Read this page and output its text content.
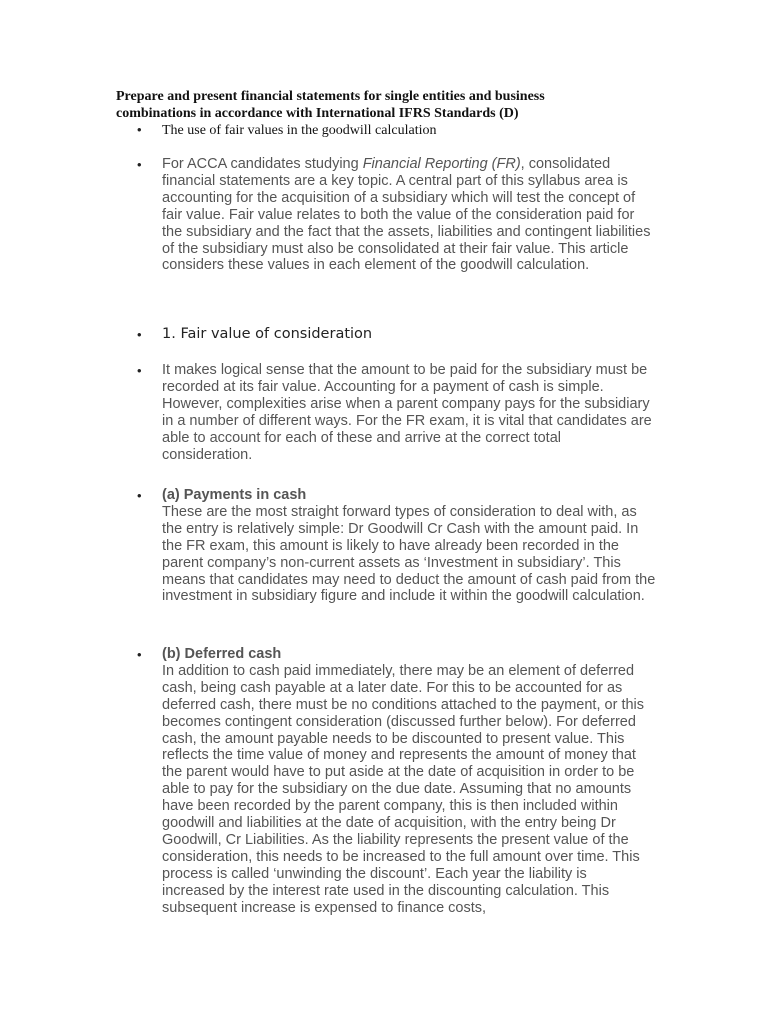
Prepare and present financial statements for single entities and business
combinations in accordance with International IFRS Standards (D)
• The use of fair values in the goodwill calculation
• For ACCA candidates studying Financial Reporting (FR), consolidated financial statements are a key topic. A central part of this syllabus area is accounting for the acquisition of a subsidiary which will test the concept of fair value. Fair value relates to both the value of the consideration paid for the subsidiary and the fact that the assets, liabilities and contingent liabilities of the subsidiary must also be consolidated at their fair value. This article considers these values in each element of the goodwill calculation.
• 1. Fair value of consideration
• It makes logical sense that the amount to be paid for the subsidiary must be recorded at its fair value. Accounting for a payment of cash is simple. However, complexities arise when a parent company pays for the subsidiary in a number of different ways. For the FR exam, it is vital that candidates are able to account for each of these and arrive at the correct total consideration.
• (a) Payments in cash
These are the most straight forward types of consideration to deal with, as the entry is relatively simple: Dr Goodwill Cr Cash with the amount paid. In the FR exam, this amount is likely to have already been recorded in the parent company’s non-current assets as ‘Investment in subsidiary’. This means that candidates may need to deduct the amount of cash paid from the investment in subsidiary figure and include it within the goodwill calculation.
• (b) Deferred cash
In addition to cash paid immediately, there may be an element of deferred cash, being cash payable at a later date. For this to be accounted for as deferred cash, there must be no conditions attached to the payment, or this becomes contingent consideration (discussed further below). For deferred cash, the amount payable needs to be discounted to present value. This reflects the time value of money and represents the amount of money that the parent would have to put aside at the date of acquisition in order to be able to pay for the subsidiary on the due date. Assuming that no amounts have been recorded by the parent company, this is then included within goodwill and liabilities at the date of acquisition, with the entry being Dr Goodwill, Cr Liabilities. As the liability represents the present value of the consideration, this needs to be increased to the full amount over time. This process is called ‘unwinding the discount’. Each year the liability is increased by the interest rate used in the discounting calculation. This subsequent increase is expensed to finance costs,
